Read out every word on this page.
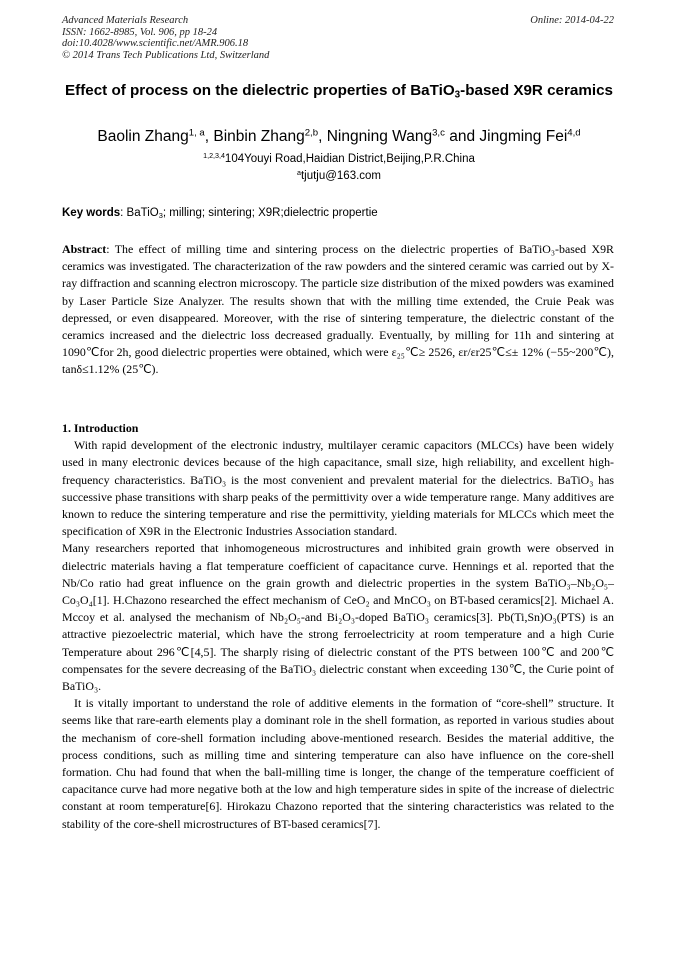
Advanced Materials Research
ISSN: 1662-8985, Vol. 906, pp 18-24
doi:10.4028/www.scientific.net/AMR.906.18
© 2014 Trans Tech Publications Ltd, Switzerland
Online: 2014-04-22
Effect of process on the dielectric properties of BaTiO$_3$-based X9R ceramics
Baolin Zhang$^{1, a}$, Binbin Zhang$^{2,b}$, Ningning Wang$^{3,c}$ and Jingming Fei$^{4,d}$
$^{1,2,3,4}$104Youyi Road,Haidian District,Beijing,P.R.China
$^a$tjutju@163.com
Key words: BaTiO$_3$; milling; sintering; X9R;dielectric propertie

Abstract: The effect of milling time and sintering process on the dielectric properties of BaTiO₃-based X9R ceramics was investigated. The characterization of the raw powders and the sintered ceramic was carried out by X-ray diffraction and scanning electron microscopy. The particle size distribution of the mixed powders was examined by Laser Particle Size Analyzer. The results shown that with the milling time extended, the Cruie Peak was depressed, or even disappeared. Moreover, with the rise of sintering temperature, the dielectric constant of the ceramics increased and the dielectric loss decreased gradually. Eventually, by milling for 11h and sintering at 1090℃for 2h, good dielectric properties were obtained, which were ε₂₅℃≥ 2526, εr/εr25℃≤± 12% (−55~200℃), tanδ≤1.12% (25℃).

1. Introduction

With rapid development of the electronic industry, multilayer ceramic capacitors (MLCCs) have been widely used in many electronic devices because of the high capacitance, small size, high reliability, and excellent high-frequency characteristics. BaTiO₃ is the most convenient and prevalent material for the dielectrics. BaTiO₃ has successive phase transitions with sharp peaks of the permittivity over a wide temperature range. Many additives are known to reduce the sintering temperature and rise the permittivity, yielding materials for MLCCs which meet the specification of X9R in the Electronic Industries Association standard.

Many researchers reported that inhomogeneous microstructures and inhibited grain growth were observed in dielectric materials having a flat temperature coefficient of capacitance curve. Hennings et al. reported that the Nb/Co ratio had great influence on the grain growth and dielectric properties in the system BaTiO₃–Nb₂O₅–Co₃O₄[1]. H.Chazono researched the effect mechanism of CeO₂ and MnCO₃ on BT-based ceramics[2]. Michael A. Mccoy et al. analysed the mechanism of Nb₂O₅-and Bi₂O₃-doped BaTiO₃ ceramics[3]. Pb(Ti,Sn)O₃(PTS) is an attractive piezoelectric material, which have the strong ferroelectricity at room temperature and a high Curie Temperature about 296℃[4,5]. The sharply rising of dielectric constant of the PTS between 100℃ and 200℃ compensates for the severe decreasing of the BaTiO₃ dielectric constant when exceeding 130℃, the Curie point of BaTiO₃.

It is vitally important to understand the role of additive elements in the formation of “core-shell” structure. It seems like that rare-earth elements play a dominant role in the shell formation, as reported in various studies about the mechanism of core-shell formation including above-mentioned research. Besides the material additive, the process conditions, such as milling time and sintering temperature can also have influence on the core-shell formation. Chu had found that when the ball-milling time is longer, the change of the temperature coefficient of capacitance curve had more negative both at the low and high temperature sides in spite of the increase of dielectric constant at room temperature[6]. Hirokazu Chazono reported that the sintering characteristics was related to the stability of the core-shell microstructures of BT-based ceramics[7].
